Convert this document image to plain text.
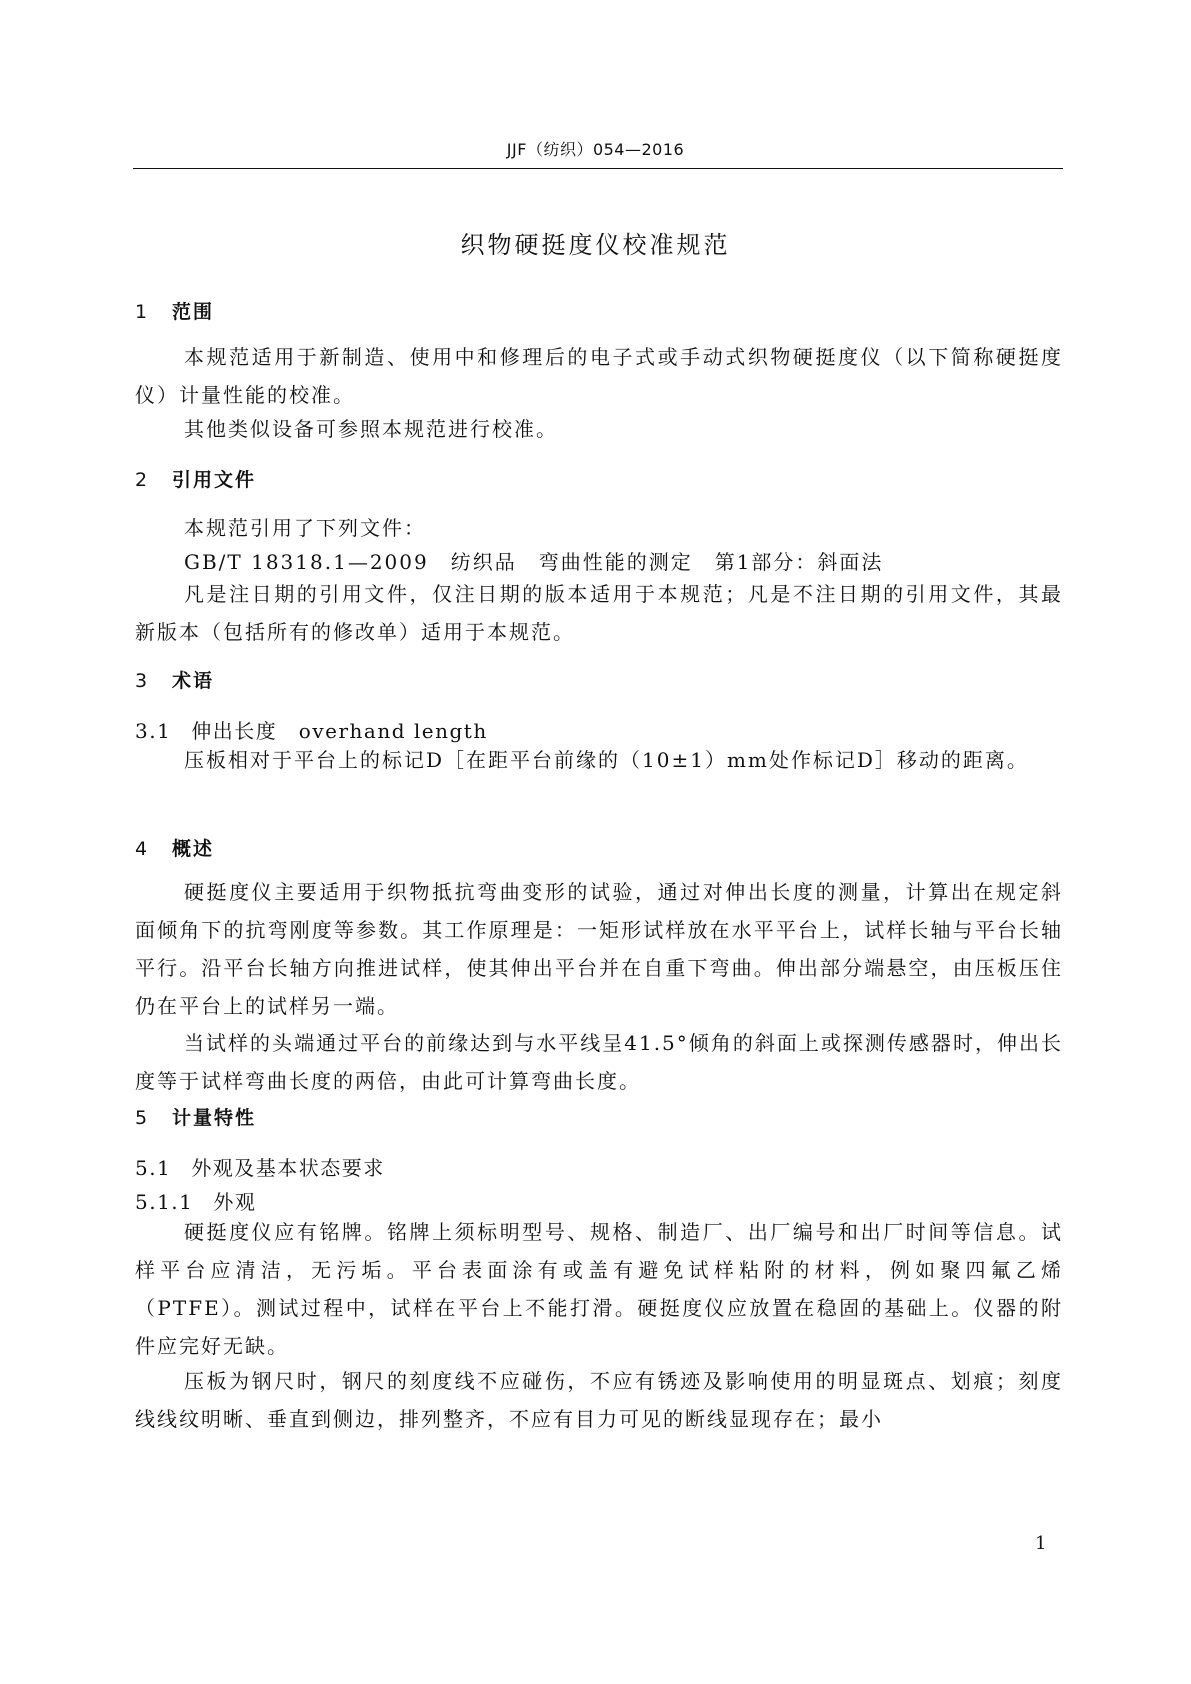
JJF（纺织）054—2016
织物硬挺度仪校准规范
1 范围
本规范适用于新制造、使用中和修理后的电子式或手动式织物硬挺度仪（以下简称硬挺度仪）计量性能的校准。
其他类似设备可参照本规范进行校准。
2 引用文件
本规范引用了下列文件：
GB/T 18318.1—2009　纺织品　弯曲性能的测定　第1部分：斜面法
凡是注日期的引用文件，仅注日期的版本适用于本规范；凡是不注日期的引用文件，其最新版本（包括所有的修改单）适用于本规范。
3 术语
3.1 伸出长度　overhand length
压板相对于平台上的标记D［在距平台前缘的（10±1）mm处作标记D］移动的距离。
4 概述
硬挺度仪主要适用于织物抵抗弯曲变形的试验，通过对伸出长度的测量，计算出在规定斜面倾角下的抗弯刚度等参数。其工作原理是：一矩形试样放在水平平台上，试样长轴与平台长轴平行。沿平台长轴方向推进试样，使其伸出平台并在自重下弯曲。伸出部分端悬空，由压板压住仍在平台上的试样另一端。
当试样的头端通过平台的前缘达到与水平线呈41.5°倾角的斜面上或探测传感器时，伸出长度等于试样弯曲长度的两倍，由此可计算弯曲长度。
5 计量特性
5.1 外观及基本状态要求
5.1.1 外观
硬挺度仪应有铭牌。铭牌上须标明型号、规格、制造厂、出厂编号和出厂时间等信息。试样平台应清洁，无污垢。平台表面涂有或盖有避免试样粘附的材料，例如聚四氟乙烯（PTFE）。测试过程中，试样在平台上不能打滑。硬挺度仪应放置在稳固的基础上。仪器的附件应完好无缺。
压板为钢尺时，钢尺的刻度线不应碰伤，不应有锈迹及影响使用的明显斑点、划痕；刻度线线纹明晰、垂直到侧边，排列整齐，不应有目力可见的断线显现存在；最小
1
